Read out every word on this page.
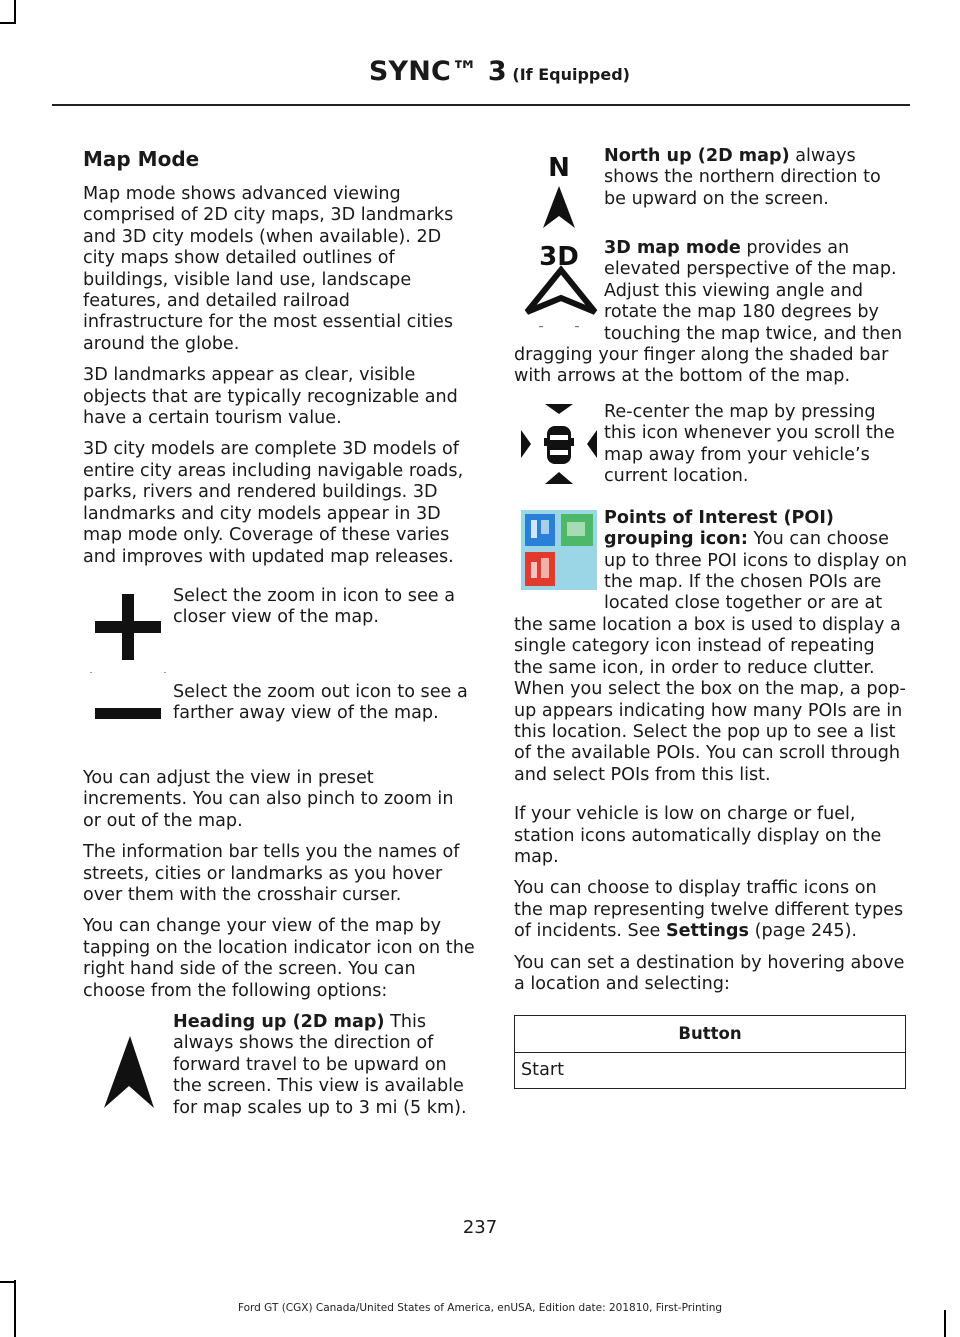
SYNC™ 3 (If Equipped)
Map Mode

Map mode shows advanced viewing comprised of 2D city maps, 3D landmarks and 3D city models (when available). 2D city maps show detailed outlines of buildings, visible land use, landscape features, and detailed railroad infrastructure for the most essential cities around the globe.

3D landmarks appear as clear, visible objects that are typically recognizable and have a certain tourism value.

3D city models are complete 3D models of entire city areas including navigable roads, parks, rivers and rendered buildings. 3D landmarks and city models appear in 3D map mode only. Coverage of these varies and improves with updated map releases.

Select the zoom in icon to see a closer view of the map.
Select the zoom out icon to see a farther away view of the map.

You can adjust the view in preset increments. You can also pinch to zoom in or out of the map.

The information bar tells you the names of streets, cities or landmarks as you hover over them with the crosshair curser.

You can change your view of the map by tapping on the location indicator icon on the right hand side of the screen. You can choose from the following options:

Heading up (2D map) This always shows the direction of forward travel to be upward on the screen. This view is available for map scales up to 3 mi (5 km).
N North up (2D map) always shows the northern direction to be upward on the screen.
3D	3D map mode provides an elevated perspective of the map. Adjust this viewing angle and rotate the map 180 degrees by touching the map twice, and then dragging your finger along the shaded bar with arrows at the bottom of the map.
Re-center the map by pressing this icon whenever you scroll the map away from your vehicle’s current location.
Points of Interest (POI) grouping icon: You can choose up to three POI icons to display on the map. If the chosen POIs are located close together or are at the same location a box is used to display a single category icon instead of repeating the same icon, in order to reduce clutter. When you select the box on the map, a pop-up appears indicating how many POIs are in this location. Select the pop up to see a list of the available POIs. You can scroll through and select POIs from this list.

If your vehicle is low on charge or fuel, station icons automatically display on the map.

You can choose to display traffic icons on the map representing twelve different types of incidents. See Settings (page 245).

You can set a destination by hovering above a location and selecting:

Button
Start
237
Ford GT (CGX) Canada/United States of America, enUSA, Edition date: 201810, First-Printing
